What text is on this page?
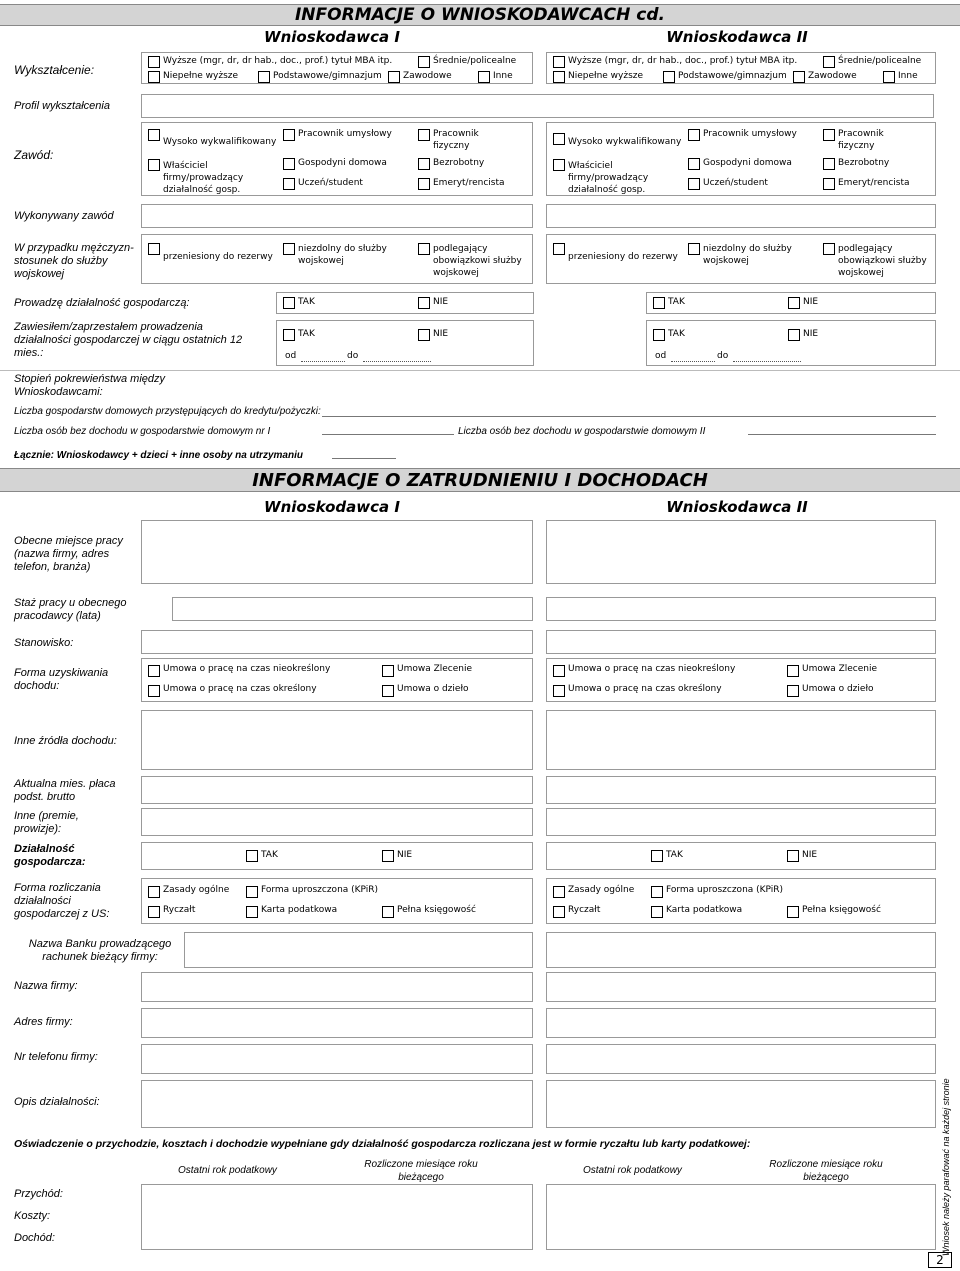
INFORMACJE O WNIOSKODAWCACH cd.
Wnioskodawca I	Wnioskodawca II
Wykształcenie:
Wyższe (mgr, dr, dr hab., doc., prof.) tytuł MBA itp.	Średnie/policealne
Niepełne wyższe	Podstawowe/gimnazjum Zawodowe	Inne
Wyższe (mgr, dr, dr hab., doc., prof.) tytuł MBA itp.	Średnie/policealne
Niepełne wyższe	Podstawowe/gimnazjum Zawodowe	Inne
Profil wykształcenia
Zawód:
Wysoko wykwalifikowany
Pracownik umysłowy	Pracownik fizyczny
Właściciel firmy/prowadzący działalność gosp.
Gospodyni domowa	Bezrobotny
Uczeń/student	Emeryt/rencista
Wysoko wykwalifikowany
Pracownik umysłowy	Pracownik fizyczny
Właściciel firmy/prowadzący działalność gosp.
Gospodyni domowa	Bezrobotny
Uczeń/student	Emeryt/rencista
Wykonywany zawód
W przypadku mężczyzn-stosunek do służby wojskowej
przeniesiony do rezerwy
niezdolny do służby wojskowej
podlegający obowiązkowi służby wojskowej
przeniesiony do rezerwy
niezdolny do służby wojskowej
podlegający obowiązkowi służby wojskowej
Prowadzę działalność gospodarczą:	TAK	NIE	TAK	NIE
Zawiesiłem/zaprzestałem prowadzenia działalności gospodarczej w ciągu ostatnich 12 mies.:
TAK	NIE
od	do
TAK	NIE
od	do
Stopień pokrewieństwa między Wnioskodawcami:
Liczba gospodarstw domowych przystępujących do kredytu/pożyczki:
Liczba osób bez dochodu w gospodarstwie domowym nr I	Liczba osób bez dochodu w gospodarstwie domowym II
Łącznie: Wnioskodawcy + dzieci + inne osoby na utrzymaniu
INFORMACJE O ZATRUDNIENIU I DOCHODACH
Wnioskodawca I	Wnioskodawca II
Obecne miejsce pracy (nazwa firmy, adres telefon, branża)
Staż pracy u obecnego pracodawcy (lata)
Stanowisko:
Forma uzyskiwania dochodu:
Umowa o pracę na czas nieokreślony	Umowa Zlecenie
Umowa o pracę na czas określony	Umowa o dzieło
Umowa o pracę na czas nieokreślony	Umowa Zlecenie
Umowa o pracę na czas określony	Umowa o dzieło
Inne źródła dochodu:
Aktualna mies. płaca podst. brutto
Inne (premie, prowizje):
Działalność gospodarcza:
TAK	NIE	TAK	NIE
Forma rozliczania działalności gospodarczej z US:
Zasady ogólne	Forma uproszczona (KPiR)
Ryczałt	Karta podatkowa	Pełna księgowość
Zasady ogólne	Forma uproszczona (KPiR)
Ryczałt	Karta podatkowa	Pełna księgowość
Nazwa Banku prowadzącego rachunek bieżący firmy:
Nazwa firmy:
Adres firmy:
Nr telefonu firmy:
Opis działalności:
Oświadczenie o przychodzie, kosztach i dochodzie wypełniane gdy działalność gospodarcza rozliczana jest w formie ryczałtu lub karty podatkowej:
Ostatni rok podatkowy
Rozliczone miesiące roku bieżącego

Ostatni rok podatkowy
Rozliczone miesiące roku bieżącego

Przychód:
Koszty:
Dochód:	Wniosek należy parafować na każdej stronie
2
